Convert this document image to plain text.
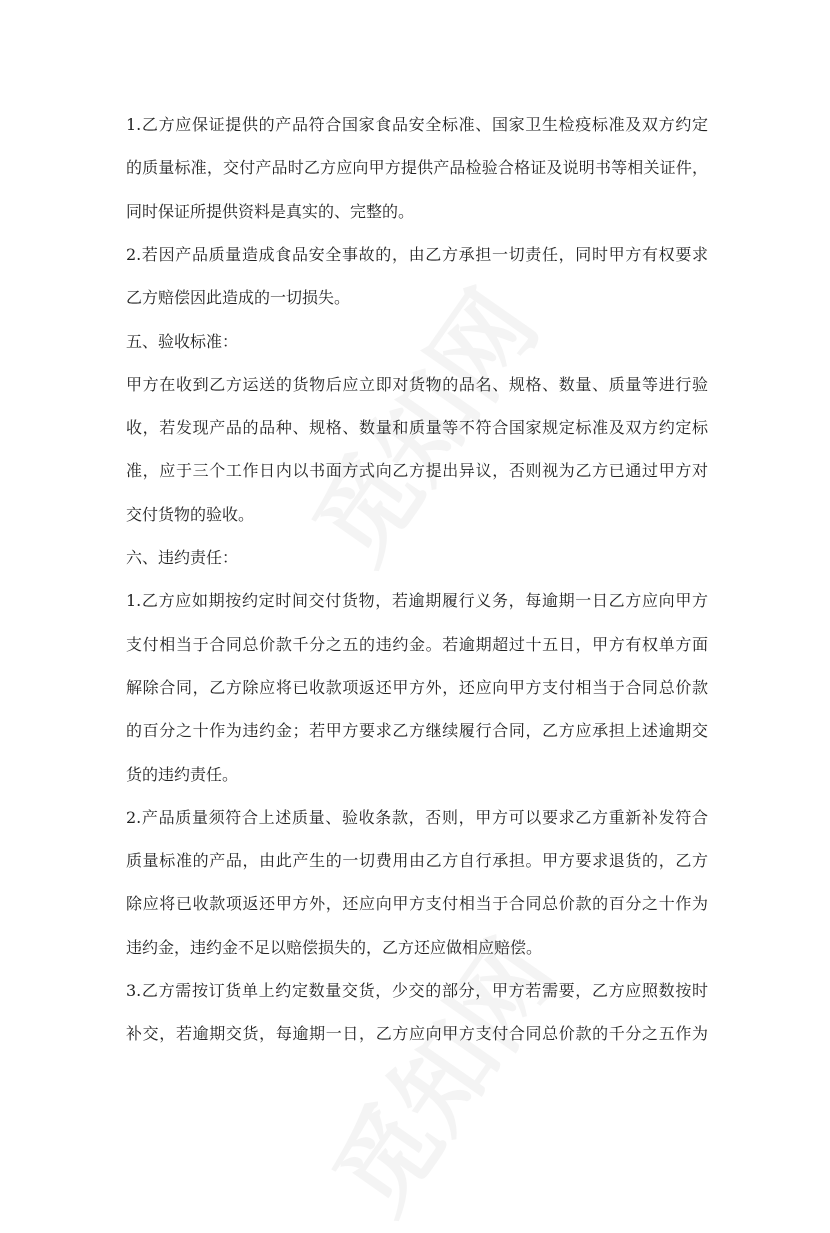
1.乙方应保证提供的产品符合国家食品安全标准、国家卫生检疫标准及双方约定
的质量标准，交付产品时乙方应向甲方提供产品检验合格证及说明书等相关证件，
同时保证所提供资料是真实的、完整的。
2.若因产品质量造成食品安全事故的，由乙方承担一切责任，同时甲方有权要求
乙方赔偿因此造成的一切损失。
五、验收标准：
甲方在收到乙方运送的货物后应立即对货物的品名、规格、数量、质量等进行验
收，若发现产品的品种、规格、数量和质量等不符合国家规定标准及双方约定标
准，应于三个工作日内以书面方式向乙方提出异议，否则视为乙方已通过甲方对
交付货物的验收。
六、违约责任：
1.乙方应如期按约定时间交付货物，若逾期履行义务，每逾期一日乙方应向甲方
支付相当于合同总价款千分之五的违约金。若逾期超过十五日，甲方有权单方面
解除合同，乙方除应将已收款项返还甲方外，还应向甲方支付相当于合同总价款
的百分之十作为违约金；若甲方要求乙方继续履行合同，乙方应承担上述逾期交
货的违约责任。
2.产品质量须符合上述质量、验收条款，否则，甲方可以要求乙方重新补发符合
质量标准的产品，由此产生的一切费用由乙方自行承担。甲方要求退货的，乙方
除应将已收款项返还甲方外，还应向甲方支付相当于合同总价款的百分之十作为
违约金，违约金不足以赔偿损失的，乙方还应做相应赔偿。
3.乙方需按订货单上约定数量交货，少交的部分，甲方若需要，乙方应照数按时
补交，若逾期交货，每逾期一日，乙方应向甲方支付合同总价款的千分之五作为
